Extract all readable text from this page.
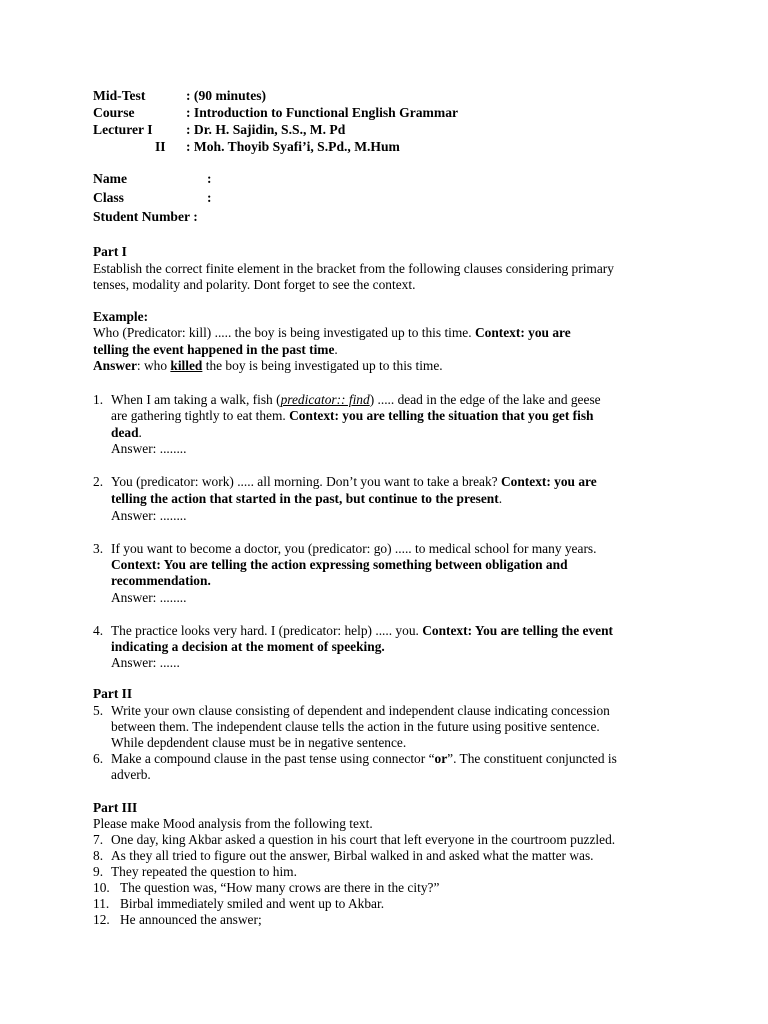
Mid-Test	: (90 minutes)
Course	: Introduction to Functional English Grammar
Lecturer I : Dr. H. Sajidin, S.S., M. Pd
II : Moh. Thoyib Syafi’i, S.Pd., M.Hum
Name	:
Class	:
Student Number :
Part I
Establish the correct finite element in the bracket from the following clauses considering primary
tenses, modality and polarity. Dont forget to see the context.
Example:
Who (Predicator: kill) ..... the boy is being investigated up to this time. Context: you are
telling the event happened in the past time.
Answer: who killed the boy is being investigated up to this time.
1. When I am taking a walk, fish (predicator:: find) ..... dead in the edge of the lake and geese
are gathering tightly to eat them. Context: you are telling the situation that you get fish
dead.
Answer: ........
2. You (predicator: work) ..... all morning. Don’t you want to take a break? Context: you are
telling the action that started in the past, but continue to the present.
Answer: ........
3. If you want to become a doctor, you (predicator: go) ..... to medical school for many years.
Context: You are telling the action expressing something between obligation and
recommendation.
Answer: ........
4. The practice looks very hard. I (predicator: help) ..... you. Context: You are telling the event
indicating a decision at the moment of speeking.
Answer: ......
Part II
5. Write your own clause consisting of dependent and independent clause indicating concession
between them. The independent clause tells the action in the future using positive sentence.
While depdendent clause must be in negative sentence.
6. Make a compound clause in the past tense using connector “or”. The constituent conjuncted is
adverb.
Part III
Please make Mood analysis from the following text.
7. One day, king Akbar asked a question in his court that left everyone in the courtroom puzzled.
8. As they all tried to figure out the answer, Birbal walked in and asked what the matter was.
9. They repeated the question to him.
10. The question was, “How many crows are there in the city?”
11. Birbal immediately smiled and went up to Akbar.
12. He announced the answer;
